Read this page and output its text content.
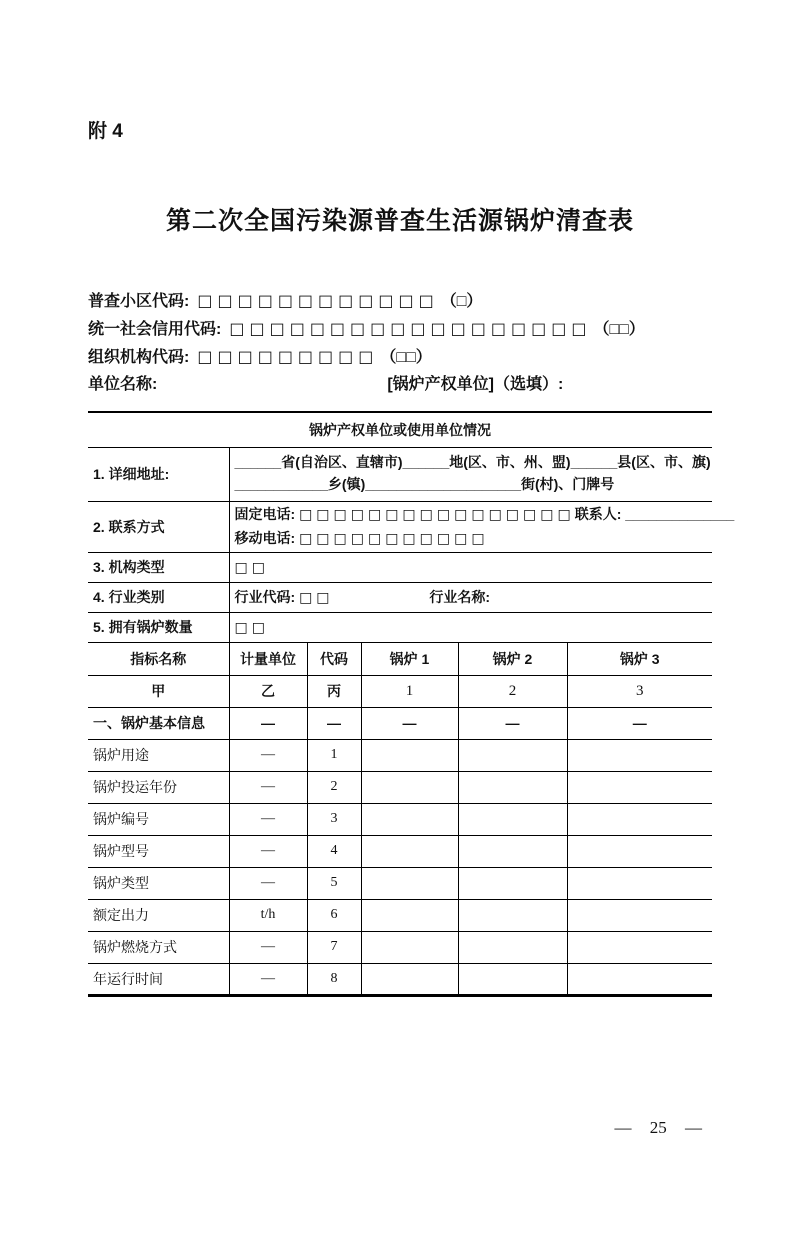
附 4
第二次全国污染源普查生活源锅炉清查表
普查小区代码: □□□□□□□□□□□□ （□）
统一社会信用代码: □□□□□□□□□□□□□□□□□□ （□□）
组织机构代码: □□□□□□□□□ （□□）
单位名称:	[锅炉产权单位]（选填）:
锅炉产权单位或使用单位情况					
1. 详细地址:	______省(自治区、直辖市)______地(区、市、州、盟)______县(区、市、旗)
____________乡(镇)____________________街(村)、门牌号				

2. 联系方式	固定电话: □□□□□□□□□□□□□□□□联系人: ______________
移动电话: □□□□□□□□□□□				

3. 机构类型	□□				
4. 行业类别	行业代码: □□ 行业名称:				
5. 拥有锅炉数量	□□				
指标名称	计量单位	代码	锅炉 1	锅炉 2	锅炉 3
甲	乙	丙	1	2	3
一、锅炉基本信息	—	—	—	—	—
锅炉用途	—	1			
锅炉投运年份	—	2			
锅炉编号	—	3			
锅炉型号	—	4			
锅炉类型	—	5			
额定出力	t/h	6			
锅炉燃烧方式	—	7			
年运行时间	—	8			
— 25 —
